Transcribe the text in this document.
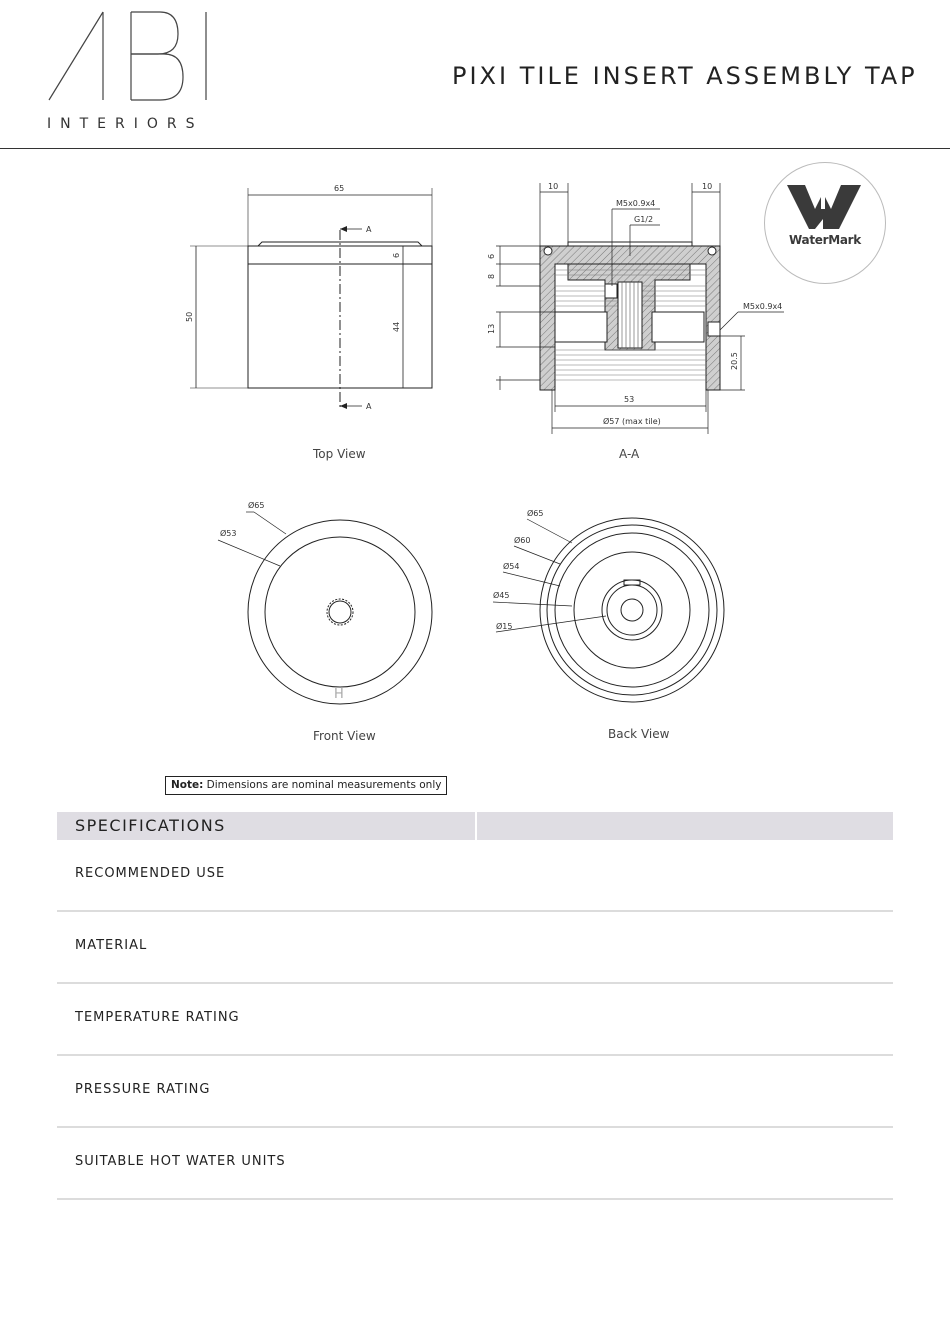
INTERIORS
PIXI TILE INSERT ASSEMBLY TAP
WaterMark
65
50
6
44
A
A
10	10
M5x0.9x4
G1/2
6
8
13
M5x0.9x4
20.5
53
Ø57 (max tile)
Ø65
Ø53
H
Ø65
Ø60
Ø54
Ø45
Ø15
Top View	A-A
Front View	Back View
Note: Dimensions are nominal measurements only
SPECIFICATIONS
RECOMMENDED USE
MATERIAL
TEMPERATURE RATING
PRESSURE RATING
SUITABLE HOT WATER UNITS
